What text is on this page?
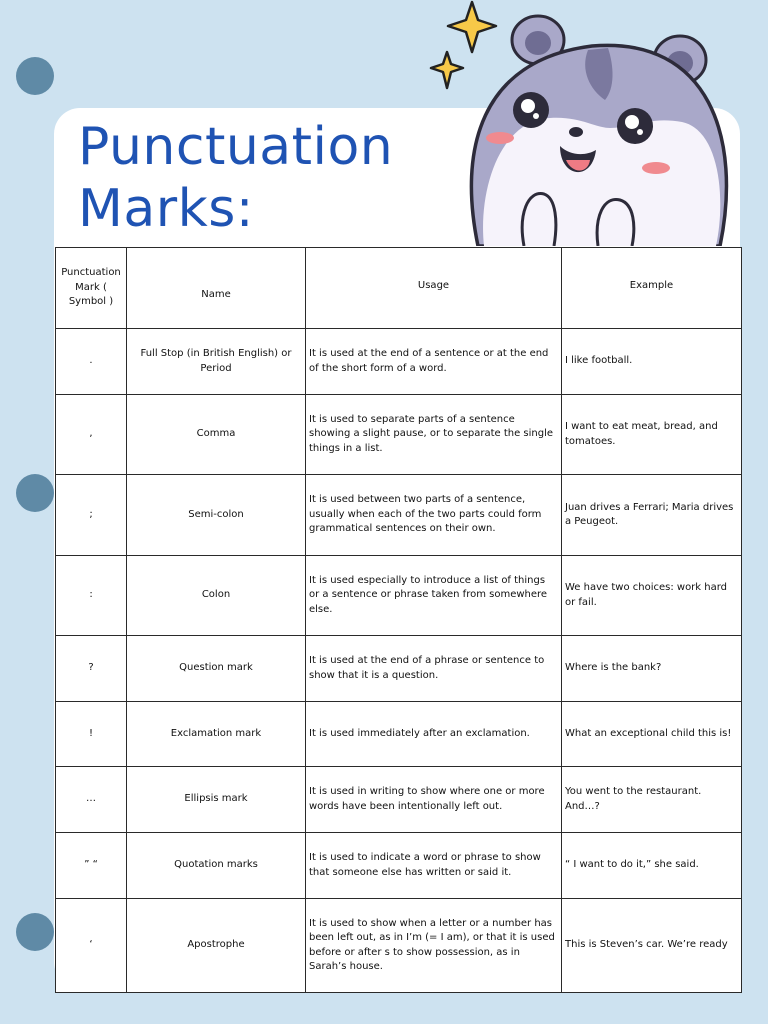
Punctuation
Marks:
Punctuation Mark ( Symbol )	Name	Usage	Example
.	Full Stop (in British English) or Period	It is used at the end of a sentence or at the end of the short form of a word.	I like football.
,	Comma	It is used to separate parts of a sentence showing a slight pause, or to separate the single things in a list.	I want to eat meat, bread, and tomatoes.
;	Semi-colon	It is used between two parts of a sentence, usually when each of the two parts could form grammatical sentences on their own.	Juan drives a Ferrari; Maria drives a Peugeot.
:	Colon	It is used especially to introduce a list of things or a sentence or phrase taken from somewhere else.	We have two choices: work hard or fail.
?	Question mark	It is used at the end of a phrase or sentence to show that it is a question.	Where is the bank?
!	Exclamation mark	It is used immediately after an exclamation.	What an exceptional child this is!
…	Ellipsis mark	It is used in writing to show where one or more words have been intentionally left out.	You went to the restaurant. And…?
” “	Quotation marks	It is used to indicate a word or phrase to show that someone else has written or said it.	“ I want to do it,” she said.
‘	Apostrophe	It is used to show when a letter or a number has been left out, as in I’m (= I am), or that it is used before or after s to show possession, as in Sarah’s house.	This is Steven’s car. We’re ready
